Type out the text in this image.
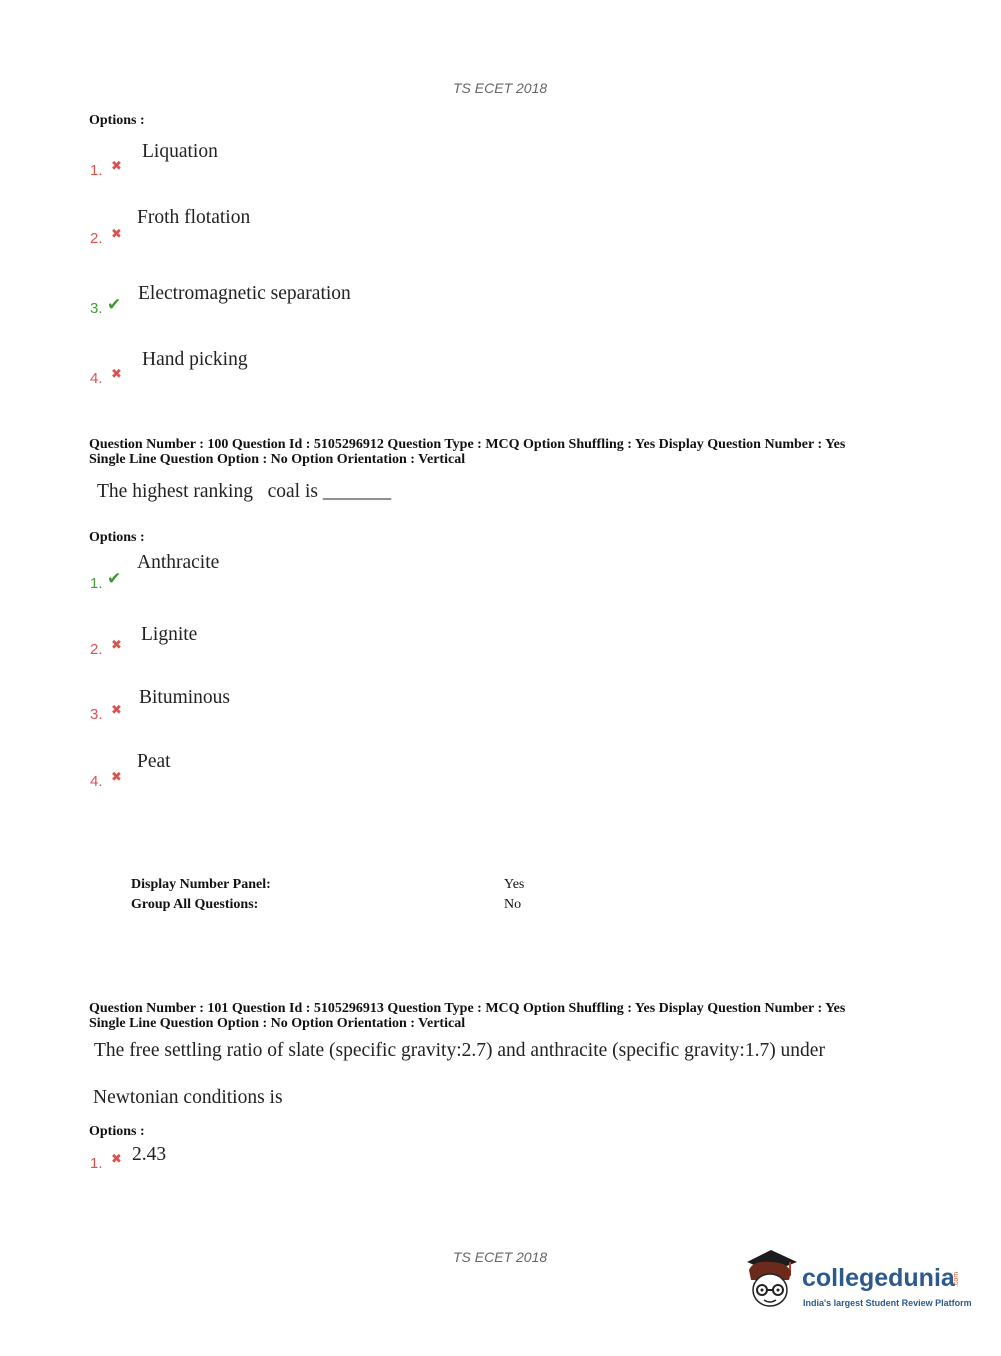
TS ECET 2018
Options :
1. ✖
Liquation
2. ✖
Froth flotation
3. ✔
Electromagnetic separation
4. ✖
Hand picking
Question Number : 100 Question Id : 5105296912 Question Type : MCQ Option Shuffling : Yes Display Question Number : Yes
Single Line Question Option : No Option Orientation : Vertical
The highest ranking   coal is _______
Options :
1. ✔
Anthracite
2. ✖
Lignite
3. ✖
Bituminous
4. ✖
Peat
Display Number Panel:	Yes
Group All Questions:	No
Question Number : 101 Question Id : 5105296913 Question Type : MCQ Option Shuffling : Yes Display Question Number : Yes
Single Line Question Option : No Option Orientation : Vertical
The free settling ratio of slate (specific gravity:2.7) and anthracite (specific gravity:1.7) under
Newtonian conditions is
Options :
1. ✖ 2.43
TS ECET 2018
collegedunia
.com
India's largest Student Review Platform
